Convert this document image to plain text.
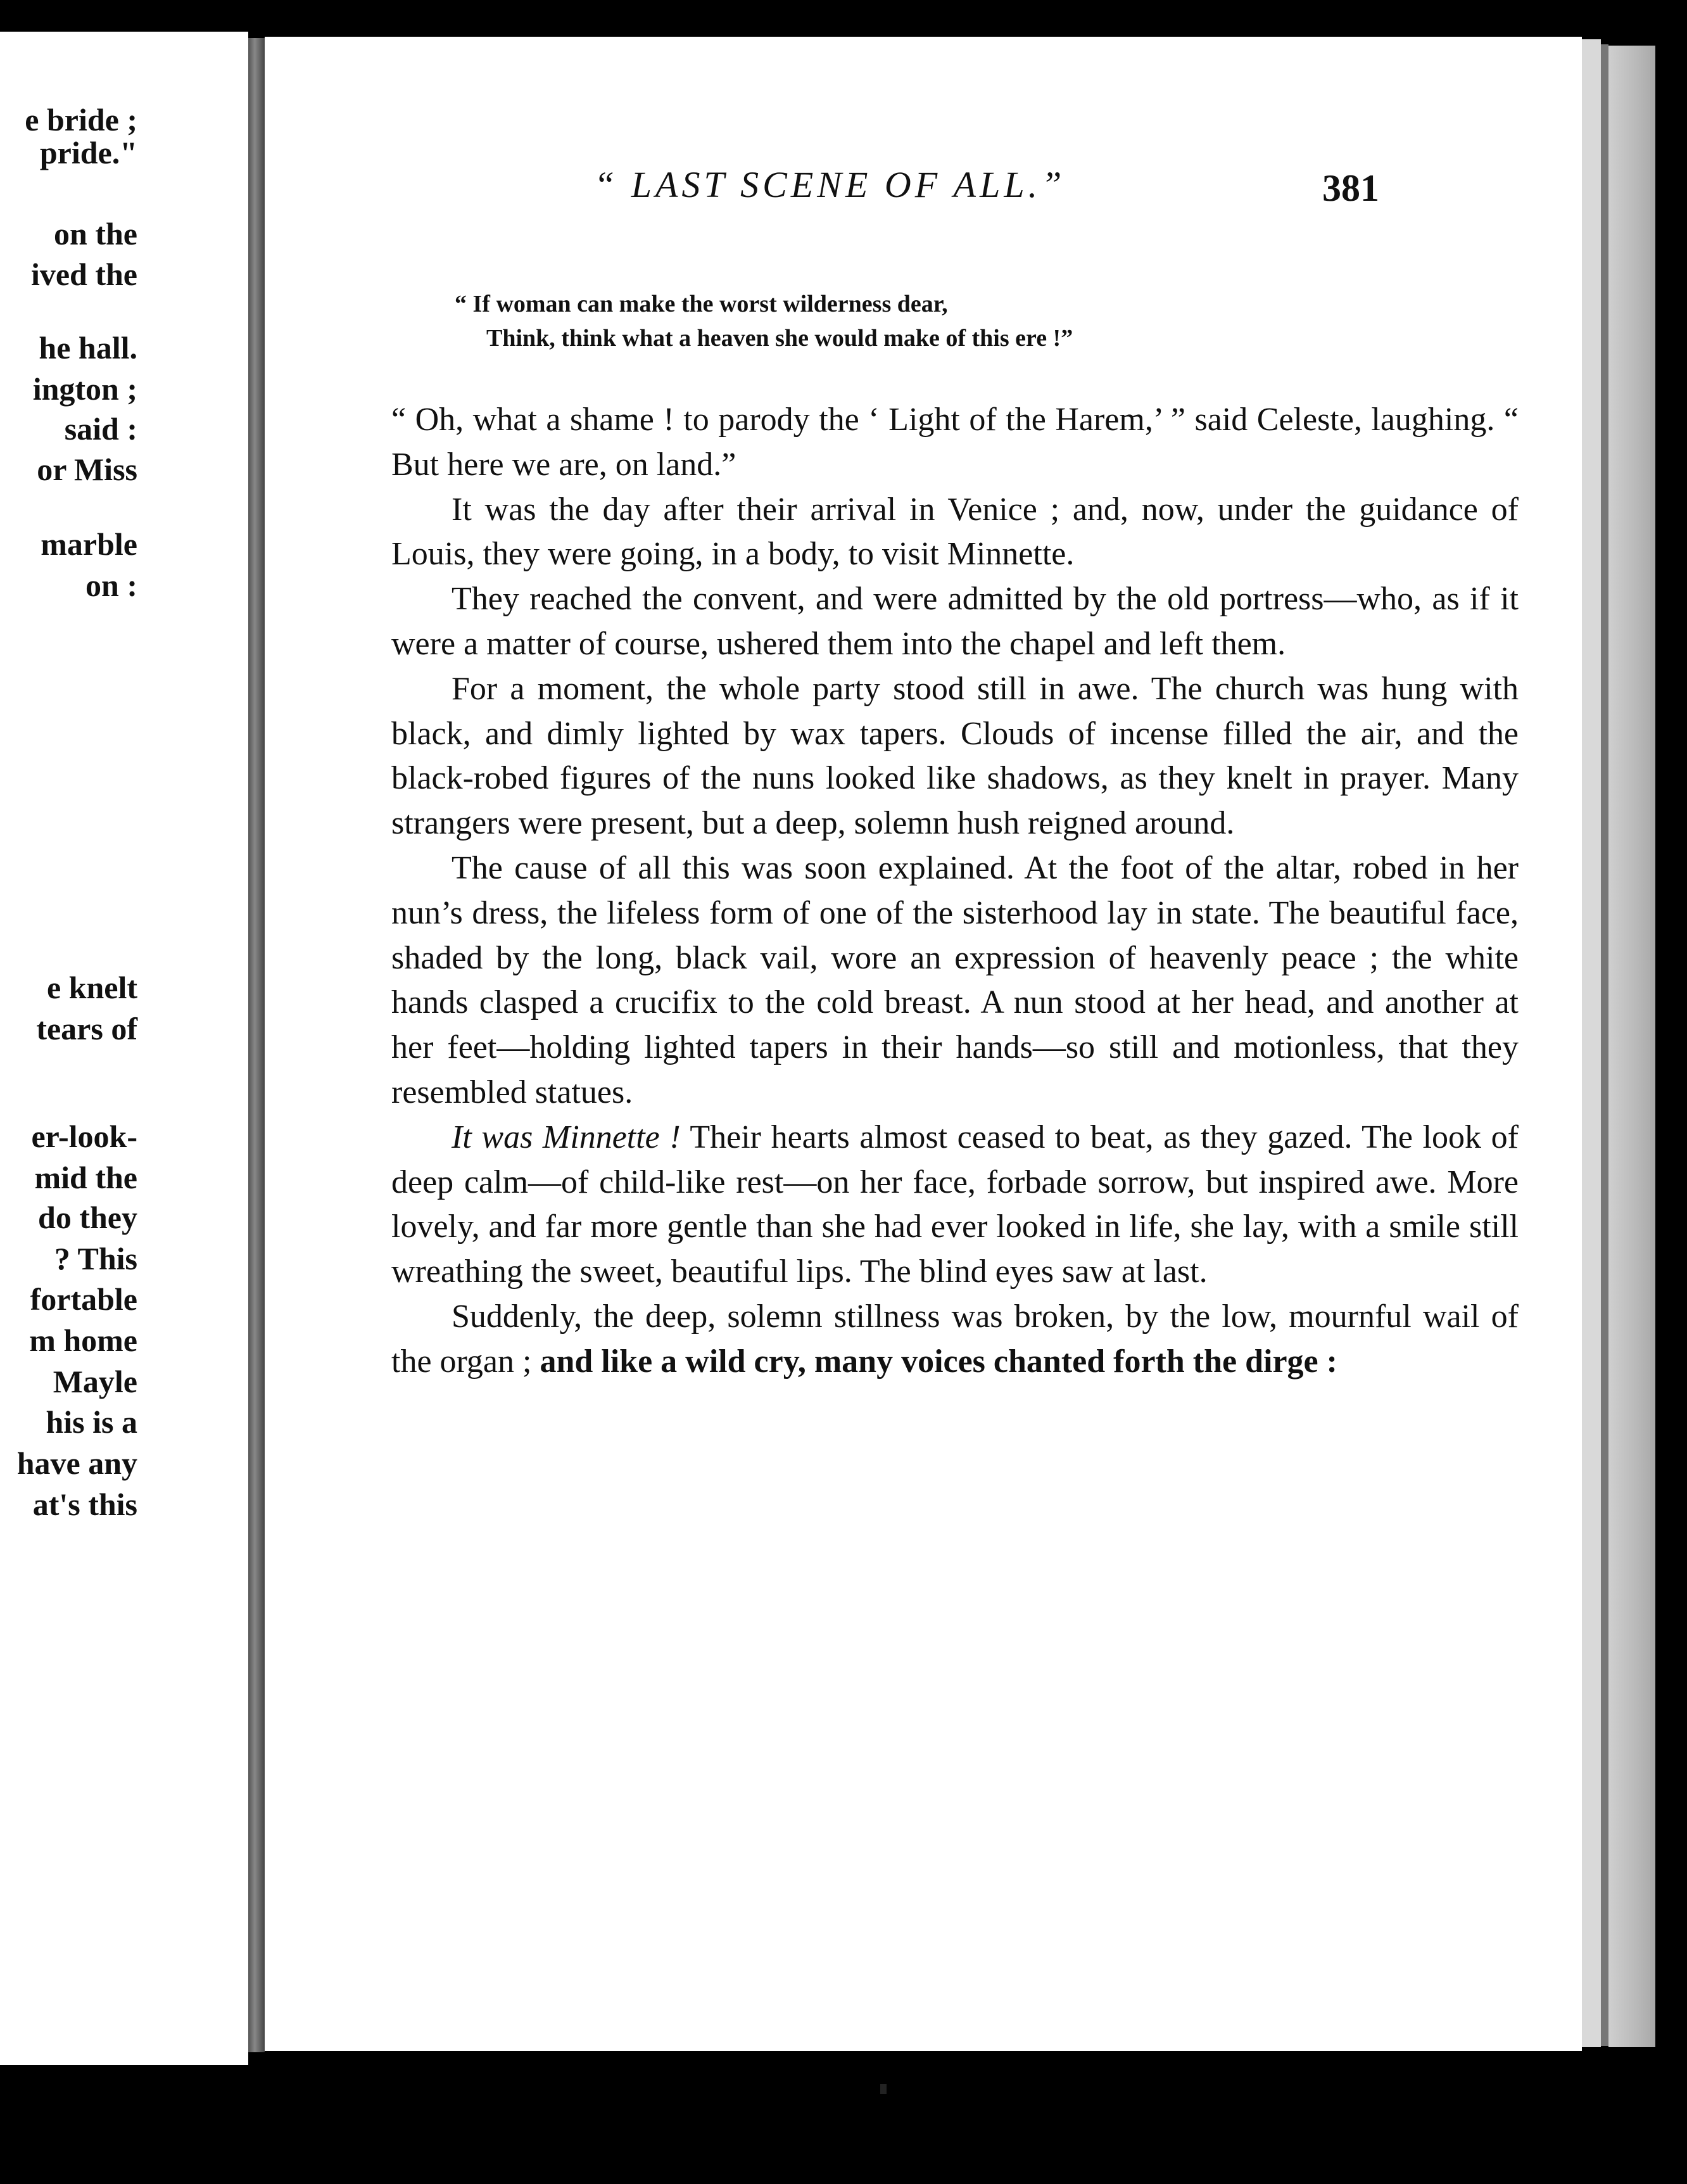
e bride ;
pride."
on the
ived the
he hall.
ington ;
said :
or Miss
marble
on :
e knelt
tears of
er-look-
mid the
do they
? This
fortable
m home
Mayle
his is a
have any
at's this
“ LAST SCENE OF ALL.”	381
“ If woman can make the worst wilderness dear,
Think, think what a heaven she would make of this ere !”

“ Oh, what a shame ! to parody the ‘ Light of the Harem,’ ” said Celeste, laughing. “ But here we are, on land.”

It was the day after their arrival in Venice ; and, now, under the guidance of Louis, they were going, in a body, to visit Minnette.

They reached the convent, and were admitted by the old portress—who, as if it were a matter of course, ushered them into the chapel and left them.

For a moment, the whole party stood still in awe. The church was hung with black, and dimly lighted by wax tapers. Clouds of incense filled the air, and the black-robed figures of the nuns looked like shadows, as they knelt in prayer. Many strangers were present, but a deep, solemn hush reigned around.

The cause of all this was soon explained. At the foot of the altar, robed in her nun’s dress, the lifeless form of one of the sisterhood lay in state. The beautiful face, shaded by the long, black vail, wore an expression of heavenly peace ; the white hands clasped a crucifix to the cold breast. A nun stood at her head, and another at her feet—holding lighted tapers in their hands—so still and motionless, that they resembled statues.

It was Minnette ! Their hearts almost ceased to beat, as they gazed. The look of deep calm—of child-like rest—on her face, forbade sorrow, but inspired awe. More lovely, and far more gentle than she had ever looked in life, she lay, with a smile still wreathing the sweet, beautiful lips. The blind eyes saw at last.

Suddenly, the deep, solemn stillness was broken, by the low, mournful wail of the organ ; and like a wild cry, many voices chanted forth the dirge :
